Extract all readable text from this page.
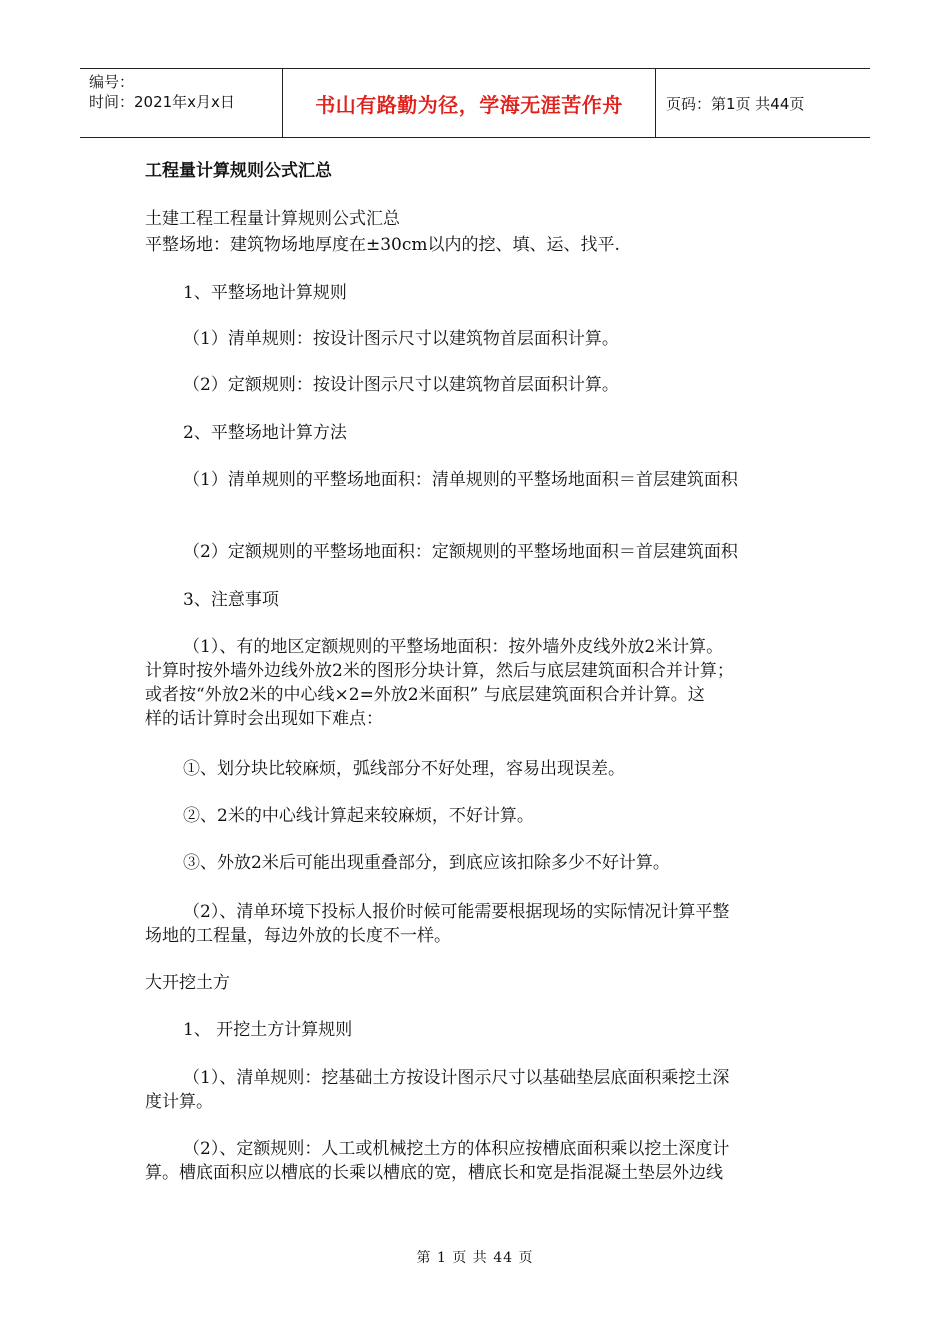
编号：
时间：2021年x月x日	书山有路勤为径，学海无涯苦作舟	页码：第1页 共44页
工程量计算规则公式汇总
土建工程工程量计算规则公式汇总
平整场地：建筑物场地厚度在±30cm以内的挖、填、运、找平.
1、平整场地计算规则
（1）清单规则：按设计图示尺寸以建筑物首层面积计算。
（2）定额规则：按设计图示尺寸以建筑物首层面积计算。
2、平整场地计算方法
（1）清单规则的平整场地面积：清单规则的平整场地面积＝首层建筑面积
（2）定额规则的平整场地面积：定额规则的平整场地面积＝首层建筑面积
3、注意事项
（1）、有的地区定额规则的平整场地面积：按外墙外皮线外放2米计算。
计算时按外墙外边线外放2米的图形分块计算，然后与底层建筑面积合并计算；
或者按“外放2米的中心线×2=外放2米面积” 与底层建筑面积合并计算。这
样的话计算时会出现如下难点：
①、划分块比较麻烦，弧线部分不好处理，容易出现误差。
②、2米的中心线计算起来较麻烦，不好计算。
③、外放2米后可能出现重叠部分，到底应该扣除多少不好计算。
（2）、清单环境下投标人报价时候可能需要根据现场的实际情况计算平整
场地的工程量，每边外放的长度不一样。
大开挖土方
1、 开挖土方计算规则
（1）、清单规则：挖基础土方按设计图示尺寸以基础垫层底面积乘挖土深
度计算。
（2）、定额规则：人工或机械挖土方的体积应按槽底面积乘以挖土深度计
算。槽底面积应以槽底的长乘以槽底的宽，槽底长和宽是指混凝土垫层外边线
第 1 页 共 44 页
